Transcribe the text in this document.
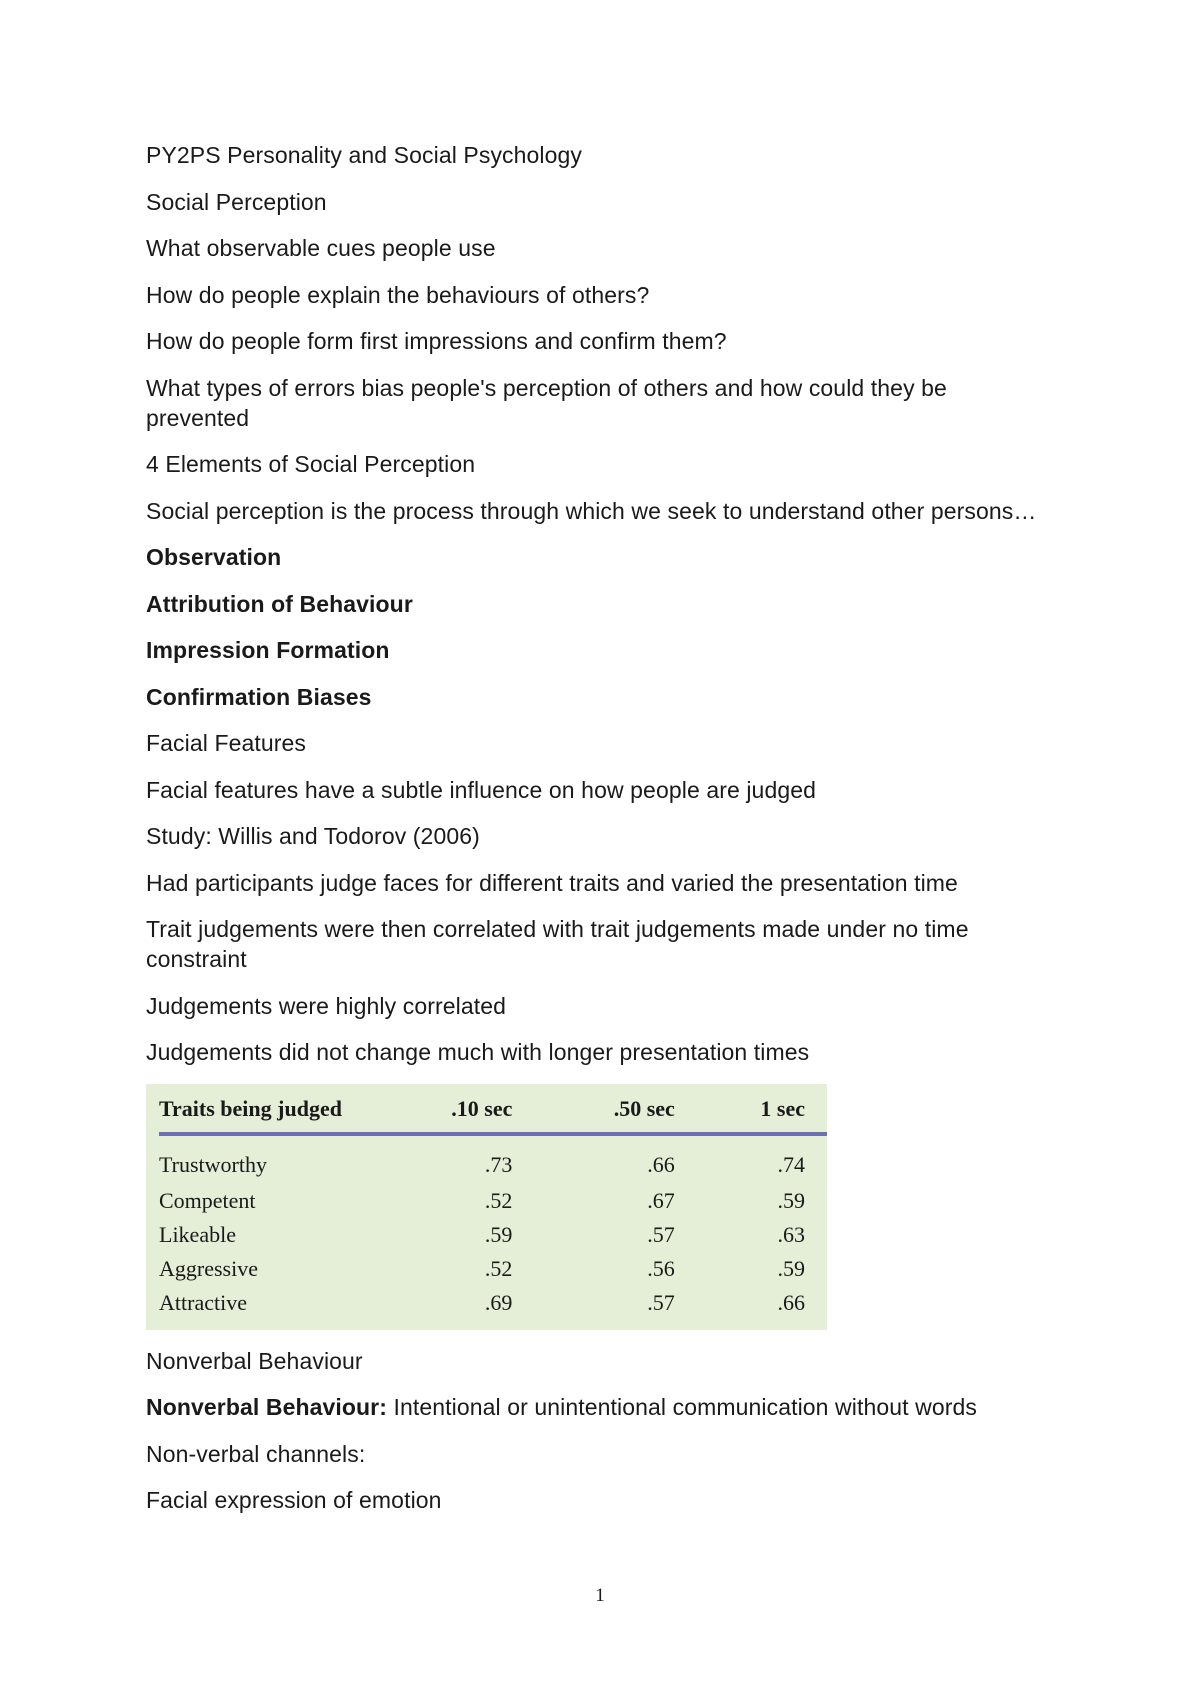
PY2PS Personality and Social Psychology

Social Perception

What observable cues people use

How do people explain the behaviours of others?

How do people form first impressions and confirm them?

What types of errors bias people's perception of others and how could they be prevented

4 Elements of Social Perception

Social perception is the process through which we seek to understand other persons…

Observation

Attribution of Behaviour

Impression Formation

Confirmation Biases

Facial Features

Facial features have a subtle influence on how people are judged

Study: Willis and Todorov (2006)

Had participants judge faces for different traits and varied the presentation time

Trait judgements were then correlated with trait judgements made under no time constraint

Judgements were highly correlated

Judgements did not change much with longer presentation times

Traits being judged	.10 sec	.50 sec	1 sec
Trustworthy	.73	.66	.74
Competent	.52	.67	.59
Likeable	.59	.57	.63
Aggressive	.52	.56	.59
Attractive	.69	.57	.66

Nonverbal Behaviour

Nonverbal Behaviour: Intentional or unintentional communication without words

Non-verbal channels:

Facial expression of emotion

1
